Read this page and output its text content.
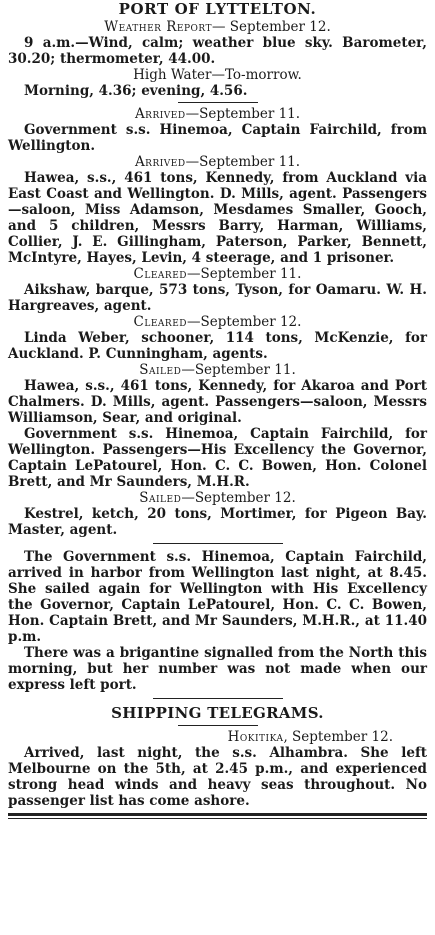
PORT OF LYTTELTON.
Weather Report— September 12.

9 a.m.—Wind, calm; weather blue sky. Barometer, 30.20; thermometer, 44.00.

High Water—To-morrow.

Morning, 4.36; evening, 4.56.

Arrived—September 11.

Government s.s. Hinemoa, Captain Fairchild, from Wellington.

Arrived—September 11.

Hawea, s.s., 461 tons, Kennedy, from Auckland via East Coast and Wellington. D. Mills, agent. Passengers—saloon, Miss Adamson, Mesdames Smaller, Gooch, and 5 children, Messrs Barry, Harman, Williams, Collier, J. E. Gillingham, Paterson, Parker, Bennett, McIntyre, Hayes, Levin, 4 steerage, and 1 prisoner.

Cleared—September 11.

Aikshaw, barque, 573 tons, Tyson, for Oamaru. W. H. Hargreaves, agent.

Cleared—September 12.

Linda Weber, schooner, 114 tons, McKenzie, for Auckland. P. Cunningham, agents.

Sailed—September 11.

Hawea, s.s., 461 tons, Kennedy, for Akaroa and Port Chalmers. D. Mills, agent. Passengers—saloon, Messrs Williamson, Sear, and original.

Government s.s. Hinemoa, Captain Fairchild, for Wellington. Passengers—His Excellency the Governor, Captain LePatourel, Hon. C. C. Bowen, Hon. Colonel Brett, and Mr Saunders, M.H.R.

Sailed—September 12.

Kestrel, ketch, 20 tons, Mortimer, for Pigeon Bay. Master, agent.

The Government s.s. Hinemoa, Captain Fairchild, arrived in harbor from Wellington last night, at 8.45. She sailed again for Wellington with His Excellency the Governor, Captain LePatourel, Hon. C. C. Bowen, Hon. Captain Brett, and Mr Saunders, M.H.R., at 11.40 p.m.

There was a brigantine signalled from the North this morning, but her number was not made when our express left port.

SHIPPING TELEGRAMS.
Hokitika, September 12.

Arrived, last night, the s.s. Alhambra. She left Melbourne on the 5th, at 2.45 p.m., and experienced strong head winds and heavy seas throughout. No passenger list has come ashore.
